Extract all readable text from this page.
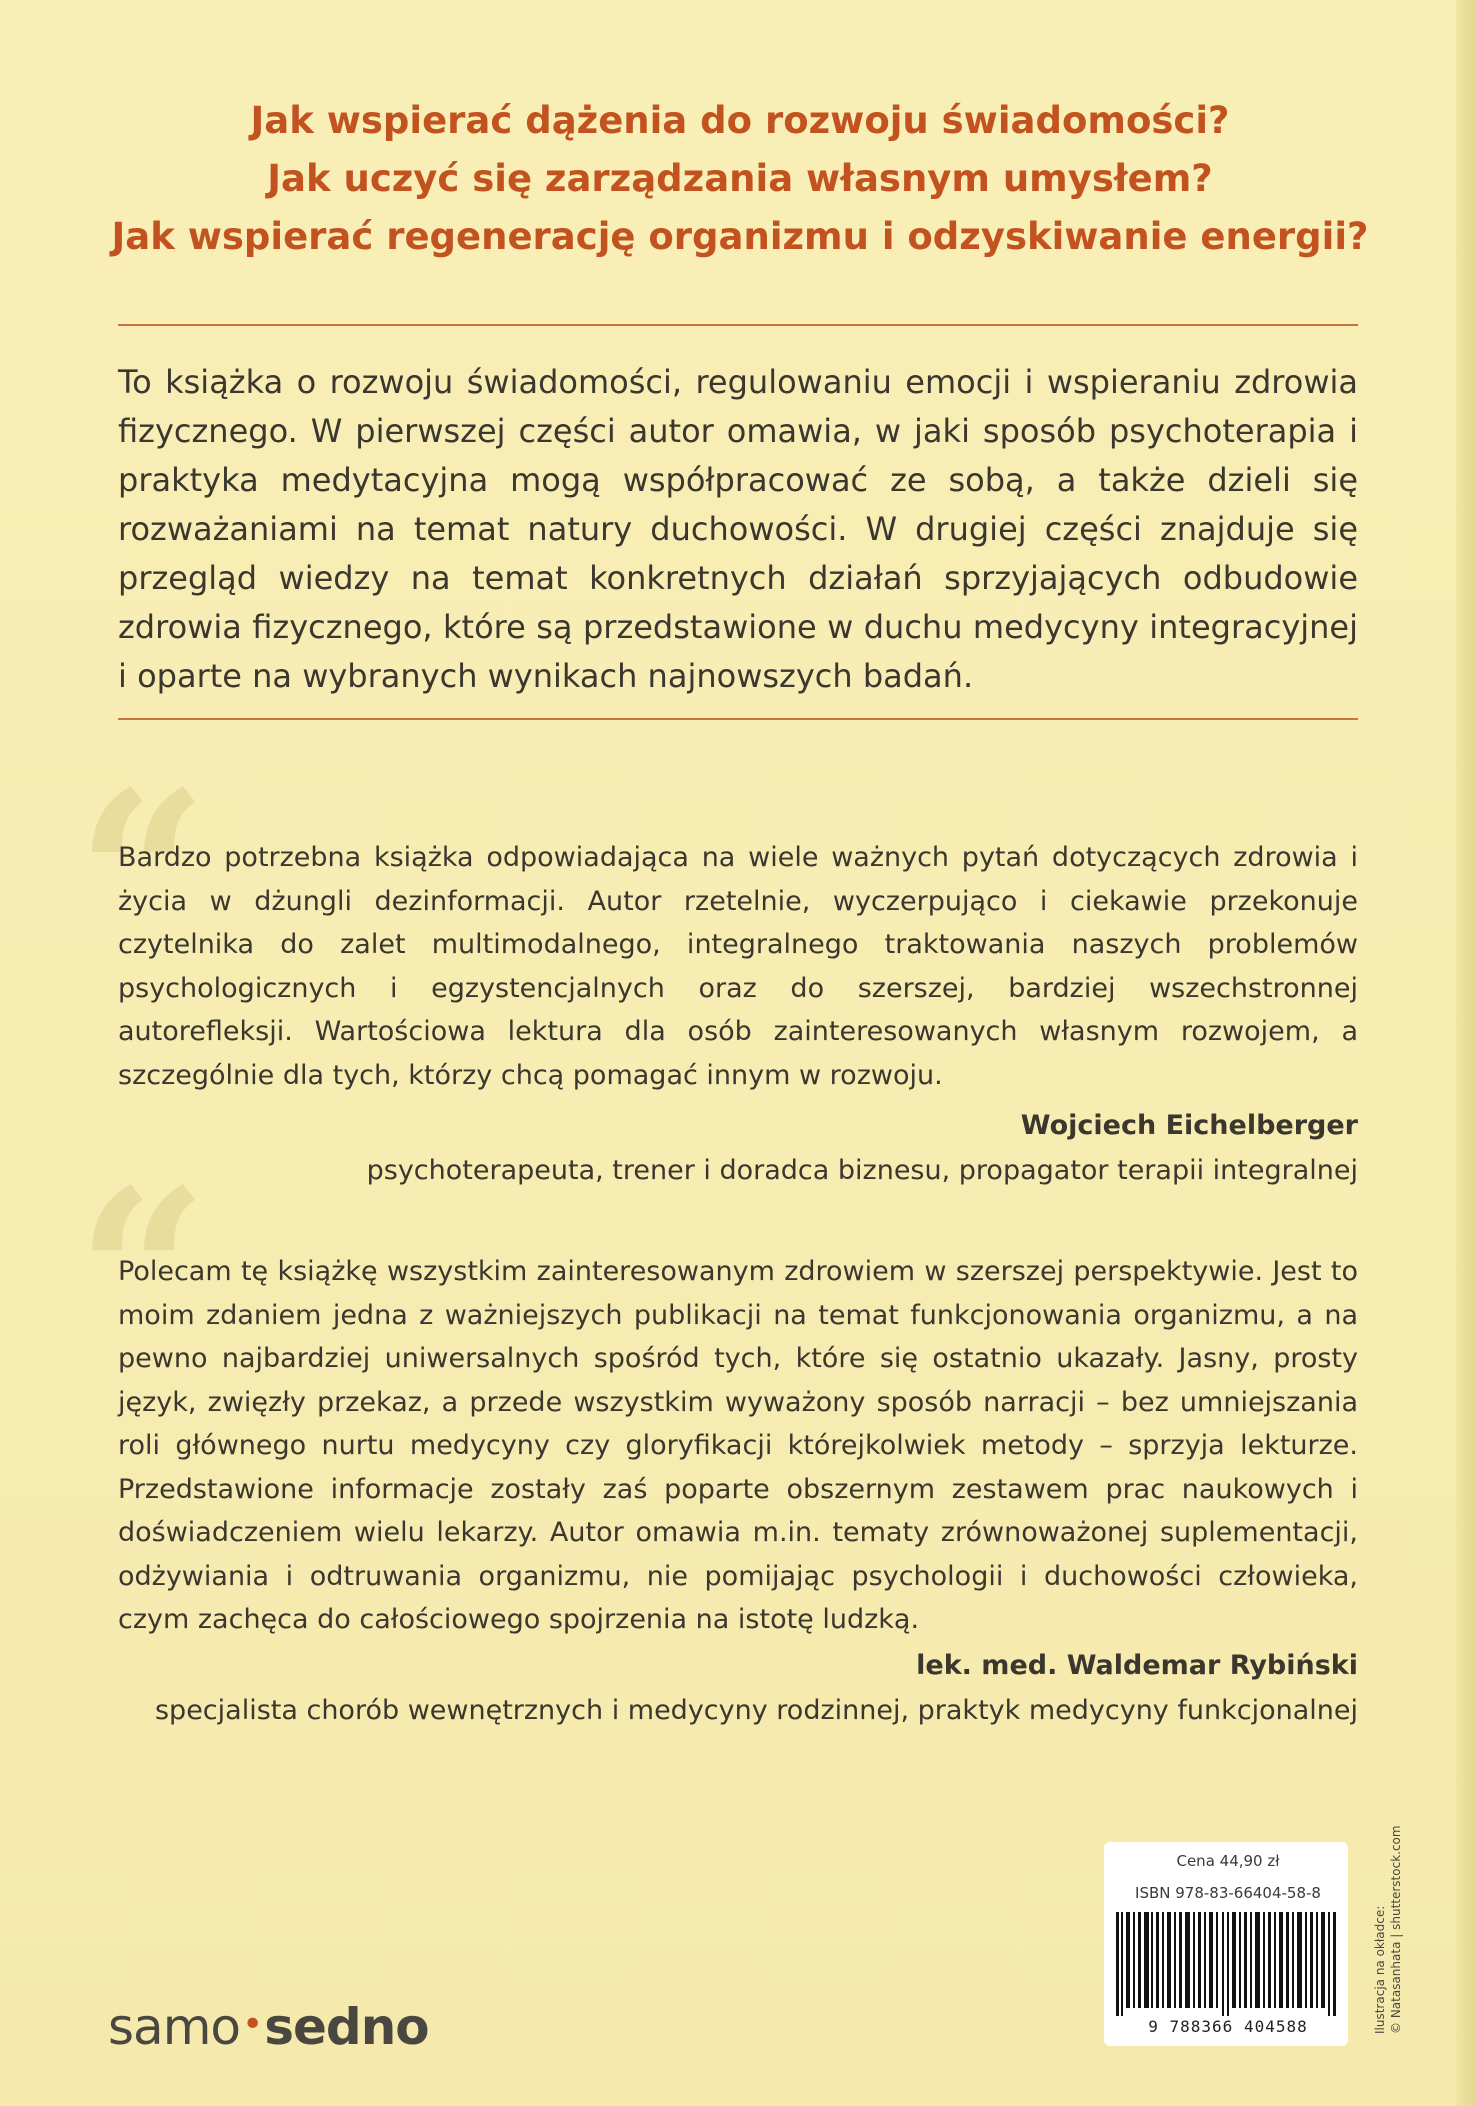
Jak wspierać dążenia do rozwoju świadomości?
Jak uczyć się zarządzania własnym umysłem?
Jak wspierać regenerację organizmu i odzyskiwanie energii?
To książka o rozwoju świadomości, regulowaniu emocji i wspieraniu zdrowia fizycznego. W pierwszej części autor omawia, w jaki sposób psychoterapia i praktyka medytacyjna mogą współpracować ze sobą, a także dzieli się rozważaniami na temat natury duchowości. W drugiej części znajduje się przegląd wiedzy na temat konkretnych działań sprzyjających odbudowie zdrowia fizycznego, które są przedstawione w duchu medycyny integracyjnej i oparte na wybranych wynikach najnowszych badań.
“
Bardzo potrzebna książka odpowiadająca na wiele ważnych pytań dotyczących zdrowia i życia w dżungli dezinformacji. Autor rzetelnie, wyczerpująco i ciekawie przekonuje czytelnika do zalet multimodalnego, integralnego traktowania naszych problemów psychologicznych i egzystencjalnych oraz do szerszej, bardziej wszechstronnej autorefleksji. Wartościowa lektura dla osób zainteresowanych własnym rozwojem, a szczególnie dla tych, którzy chcą pomagać innym w rozwoju.
Wojciech Eichelberger
psychoterapeuta, trener i doradca biznesu, propagator terapii integralnej
“
Polecam tę książkę wszystkim zainteresowanym zdrowiem w szerszej perspektywie. Jest to moim zdaniem jedna z ważniejszych publikacji na temat funkcjonowania organizmu, a na pewno najbardziej uniwersalnych spośród tych, które się ostatnio ukazały. Jasny, prosty język, zwięzły przekaz, a przede wszystkim wyważony sposób narracji – bez umniejszania roli głównego nurtu medycyny czy gloryfikacji którejkolwiek metody – sprzyja lekturze. Przedstawione informacje zostały zaś poparte obszernym zestawem prac naukowych i doświadczeniem wielu lekarzy. Autor omawia m.in. tematy zrównoważonej suplementacji, odżywiania i odtruwania organizmu, nie pomijając psychologii i duchowości człowieka, czym zachęca do całościowego spojrzenia na istotę ludzką.
lek. med. Waldemar Rybiński
specjalista chorób wewnętrznych i medycyny rodzinnej, praktyk medycyny funkcjonalnej
samo•sedno
Cena 44,90 zł
ISBN 978-83-66404-58-8
9 788366 404588	Ilustracja na okładce: © Natasanhata | shutterstock.com
